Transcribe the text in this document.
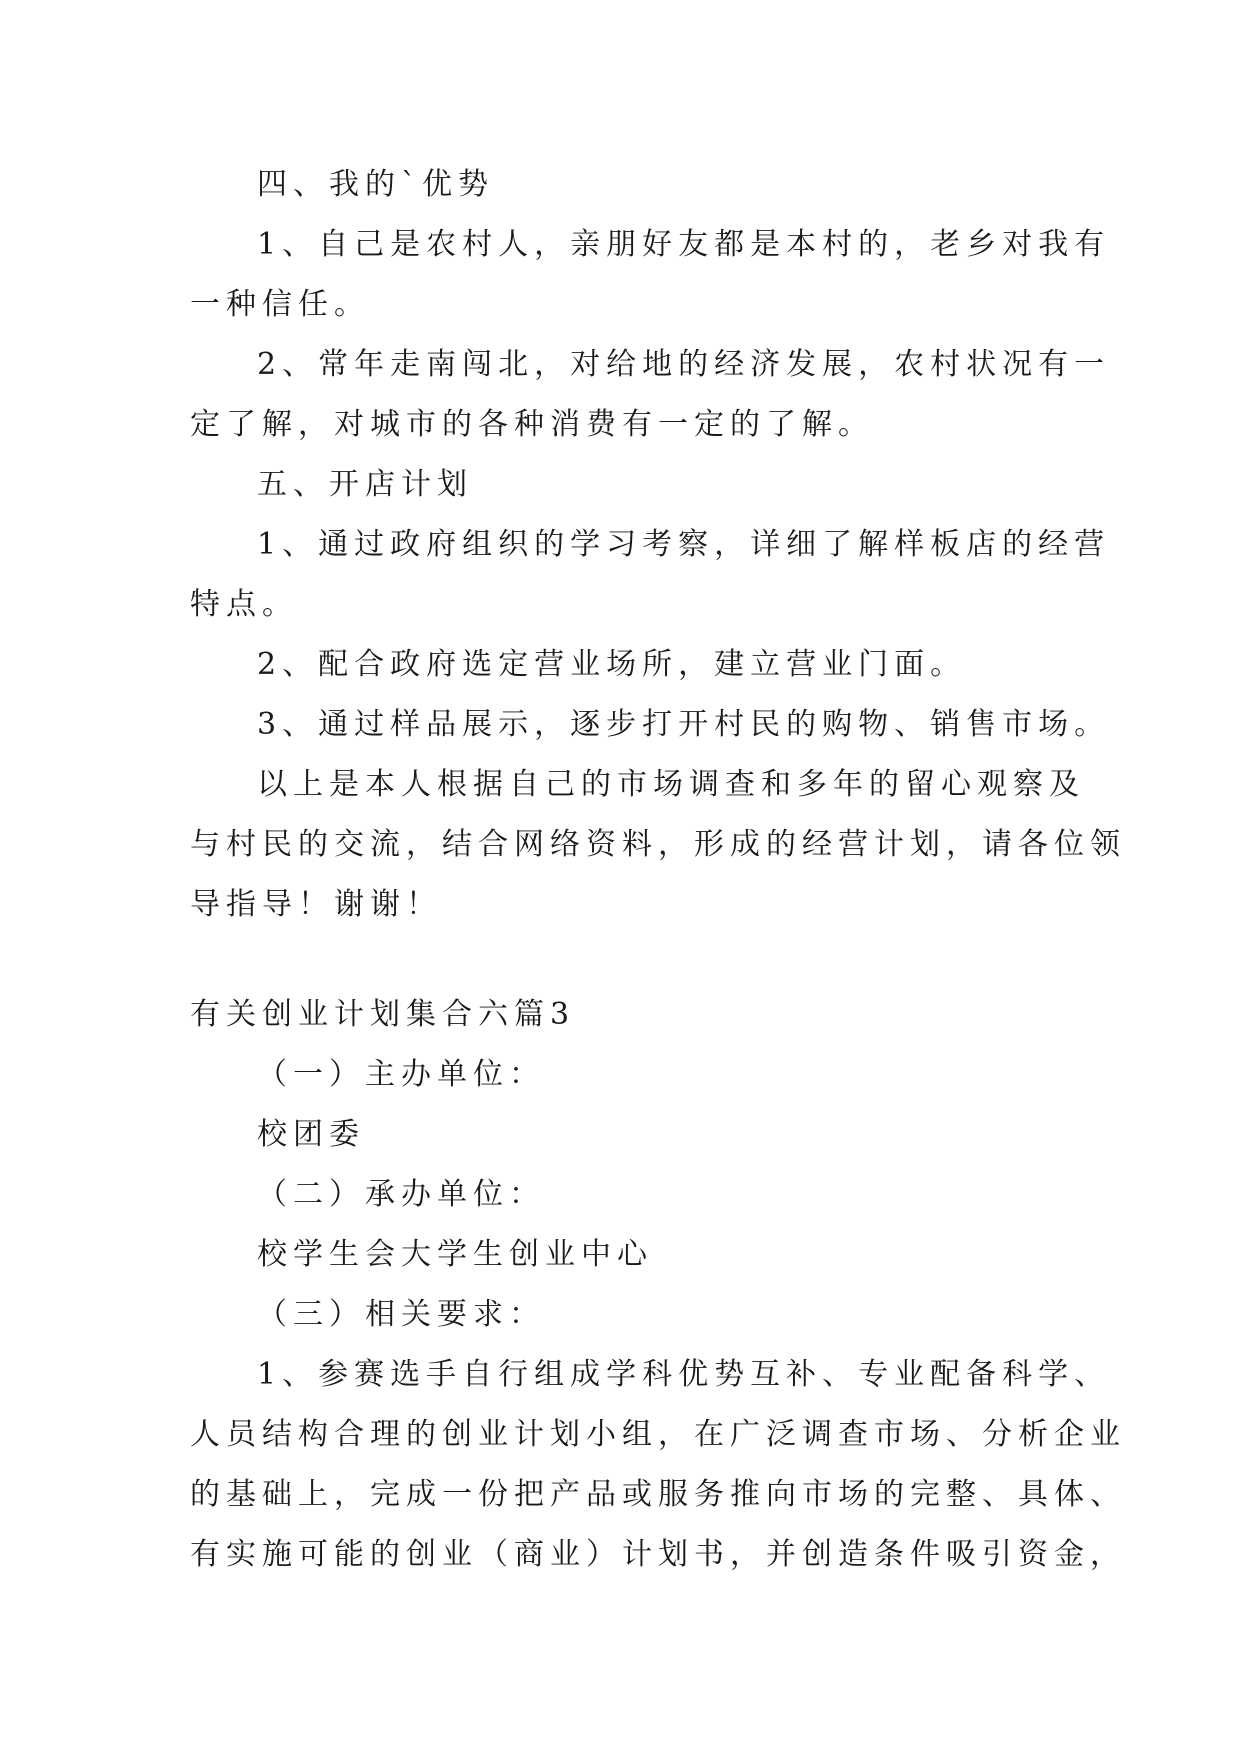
四、我的`优势
1、自己是农村人，亲朋好友都是本村的，老乡对我有
一种信任。
2、常年走南闯北，对给地的经济发展，农村状况有一
定了解，对城市的各种消费有一定的了解。
五、开店计划
1、通过政府组织的学习考察，详细了解样板店的经营
特点。
2、配合政府选定营业场所，建立营业门面。
3、通过样品展示，逐步打开村民的购物、销售市场。
以上是本人根据自己的市场调查和多年的留心观察及
与村民的交流，结合网络资料，形成的经营计划，请各位领
导指导！谢谢！
有关创业计划集合六篇3
（一）主办单位：
校团委
（二）承办单位：
校学生会大学生创业中心
（三）相关要求：
1、参赛选手自行组成学科优势互补、专业配备科学、
人员结构合理的创业计划小组，在广泛调查市场、分析企业
的基础上，完成一份把产品或服务推向市场的完整、具体、
有实施可能的创业（商业）计划书，并创造条件吸引资金，
